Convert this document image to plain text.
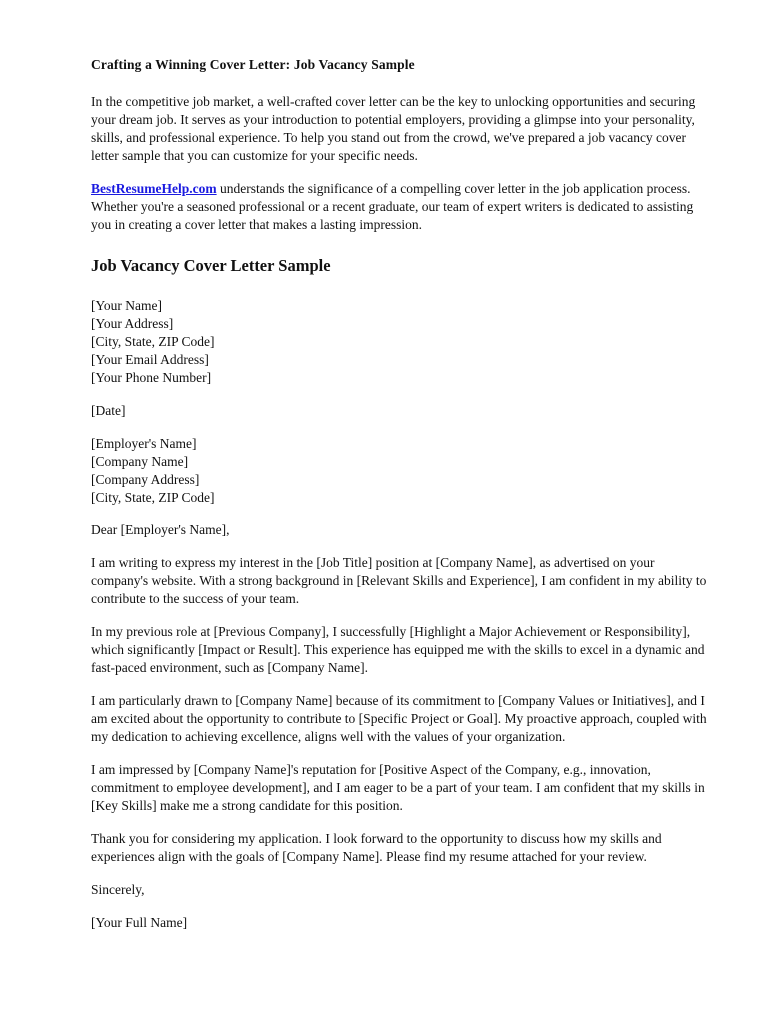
Crafting a Winning Cover Letter: Job Vacancy Sample

In the competitive job market, a well-crafted cover letter can be the key to unlocking opportunities and securing your dream job. It serves as your introduction to potential employers, providing a glimpse into your personality, skills, and professional experience. To help you stand out from the crowd, we've prepared a job vacancy cover letter sample that you can customize for your specific needs.

BestResumeHelp.com understands the significance of a compelling cover letter in the job application process. Whether you're a seasoned professional or a recent graduate, our team of expert writers is dedicated to assisting you in creating a cover letter that makes a lasting impression.

Job Vacancy Cover Letter Sample
[Your Name]
[Your Address]
[City, State, ZIP Code]
[Your Email Address]
[Your Phone Number]
[Date]
[Employer's Name]
[Company Name]
[Company Address]
[City, State, ZIP Code]
Dear [Employer's Name],

I am writing to express my interest in the [Job Title] position at [Company Name], as advertised on your company's website. With a strong background in [Relevant Skills and Experience], I am confident in my ability to contribute to the success of your team.

In my previous role at [Previous Company], I successfully [Highlight a Major Achievement or Responsibility], which significantly [Impact or Result]. This experience has equipped me with the skills to excel in a dynamic and fast-paced environment, such as [Company Name].

I am particularly drawn to [Company Name] because of its commitment to [Company Values or Initiatives], and I am excited about the opportunity to contribute to [Specific Project or Goal]. My proactive approach, coupled with my dedication to achieving excellence, aligns well with the values of your organization.

I am impressed by [Company Name]'s reputation for [Positive Aspect of the Company, e.g., innovation, commitment to employee development], and I am eager to be a part of your team. I am confident that my skills in [Key Skills] make me a strong candidate for this position.

Thank you for considering my application. I look forward to the opportunity to discuss how my skills and experiences align with the goals of [Company Name]. Please find my resume attached for your review.

Sincerely,
[Your Full Name]
